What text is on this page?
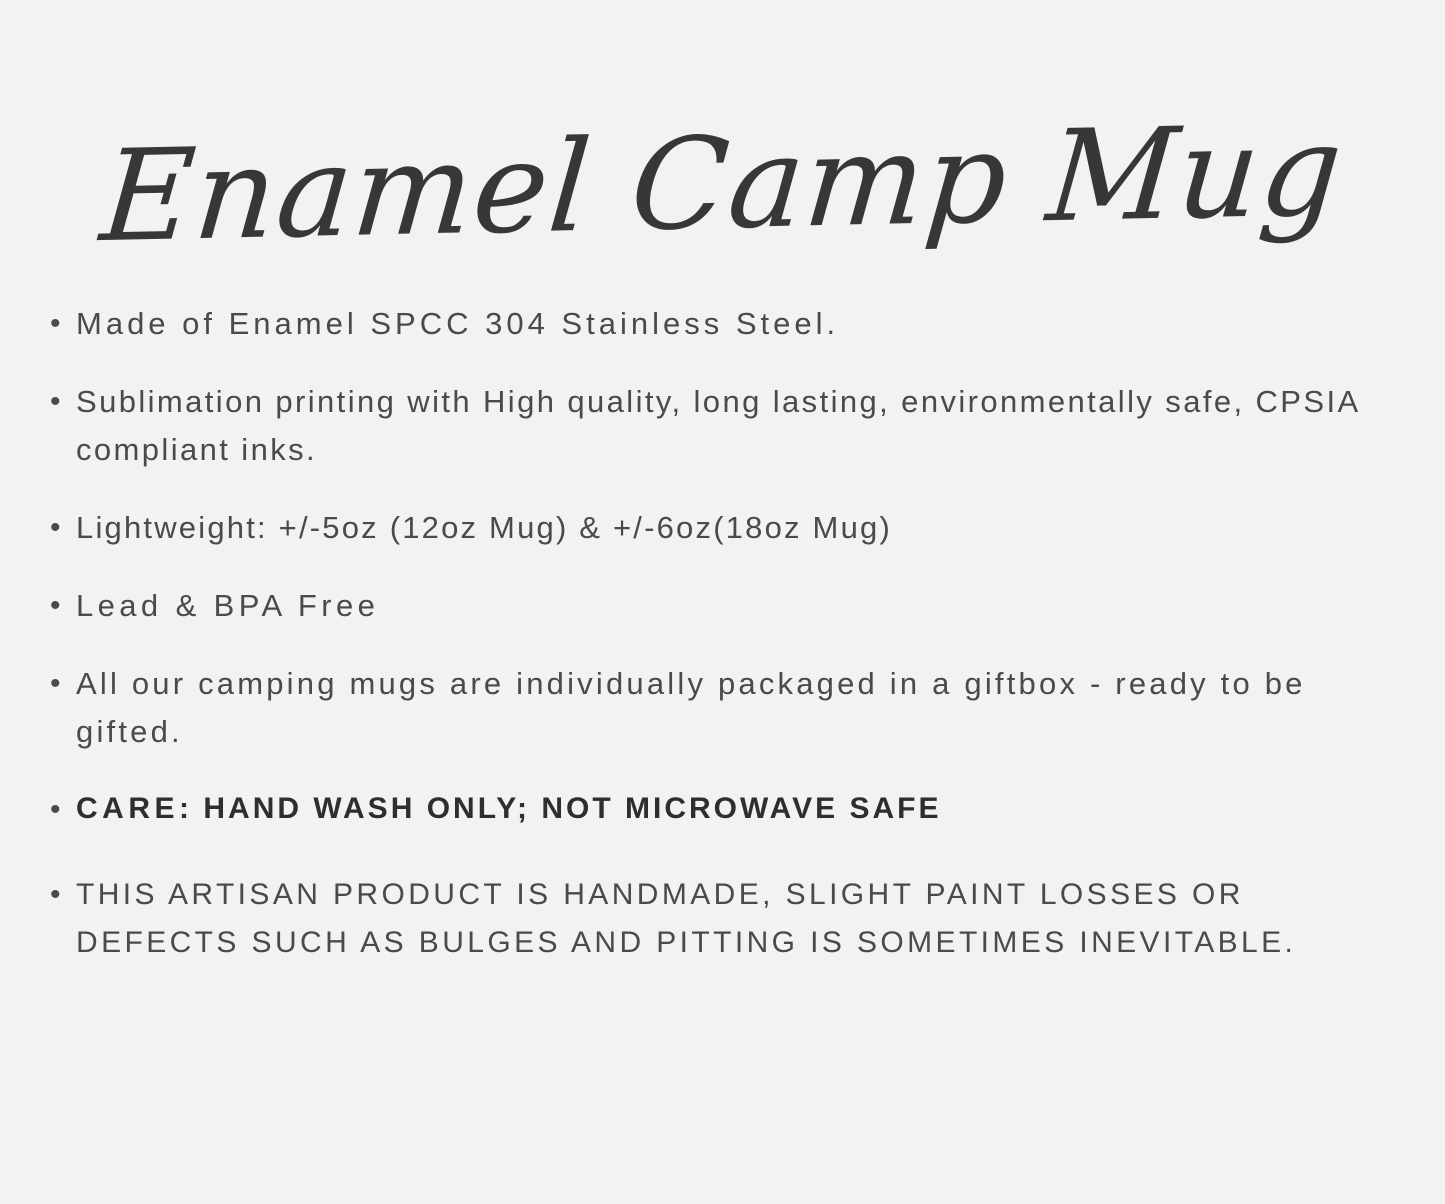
Enamel Camp Mug
• Made of Enamel SPCC 304 Stainless Steel.
• Sublimation printing with High quality, long lasting, environmentally safe, CPSIA compliant inks.
• Lightweight: +/-5oz (12oz Mug) & +/-6oz(18oz Mug)
• Lead & BPA Free
• All our camping mugs are individually packaged in a giftbox - ready to be gifted.
• CARE: HAND WASH ONLY; NOT MICROWAVE SAFE
• THIS ARTISAN PRODUCT IS HANDMADE, SLIGHT PAINT LOSSES OR DEFECTS SUCH AS BULGES AND PITTING IS SOMETIMES INEVITABLE.
